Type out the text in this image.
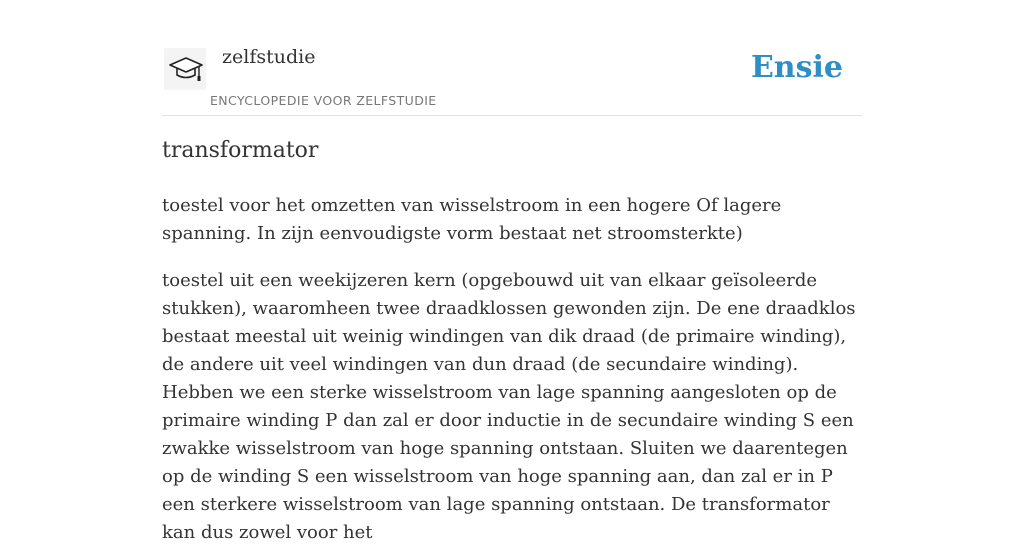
zelfstudie
ENCYCLOPEDIE VOOR ZELFSTUDIE
Ensie
transformator

toestel voor het omzetten van wisselstroom in een hogere Of lagere spanning. In zijn eenvoudigste vorm bestaat net stroomsterkte)

toestel uit een weekijzeren kern (opgebouwd uit van elkaar geïsoleerde stukken), waaromheen twee draadklossen gewonden zijn. De ene draadklos bestaat meestal uit weinig windingen van dik draad (de primaire winding), de andere uit veel windingen van dun draad (de secundaire winding). Hebben we een sterke wisselstroom van lage spanning aangesloten op de primaire winding P dan zal er door inductie in de secundaire winding S een zwakke wisselstroom van hoge spanning ontstaan. Sluiten we daarentegen op de winding S een wisselstroom van hoge spanning aan, dan zal er in P een sterkere wisselstroom van lage spanning ontstaan. De transformator kan dus zowel voor het
